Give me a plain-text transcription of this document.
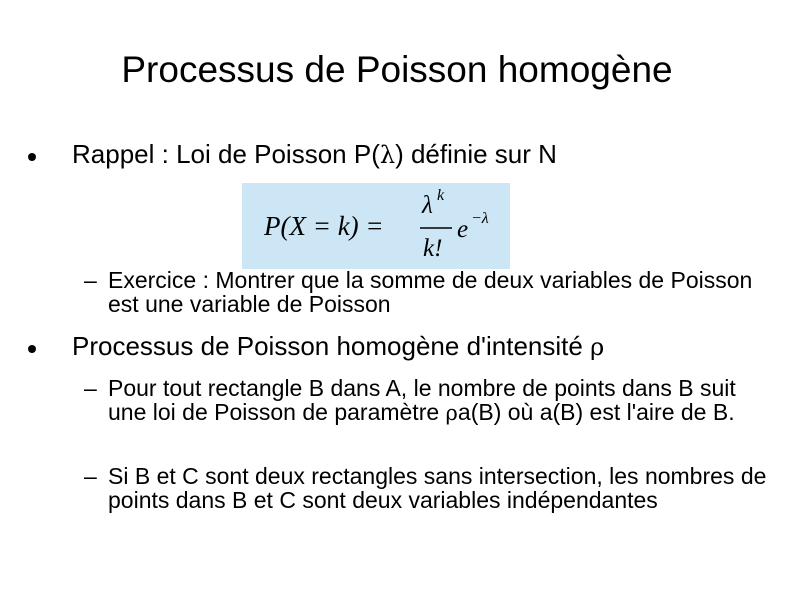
Processus de Poisson homogène
Rappel : Loi de Poisson P(λ) définie sur N
P(X = k) =
λ k
k!
e −λ
– Exercice : Montrer que la somme de deux variables de Poisson est une variable de Poisson
Processus de Poisson homogène d'intensité ρ
– Pour tout rectangle B dans A, le nombre de points dans B suit une loi de Poisson de paramètre ρa(B) où a(B) est l'aire de B.
– Si B et C sont deux rectangles sans intersection, les nombres de points dans B et C sont deux variables indépendantes
